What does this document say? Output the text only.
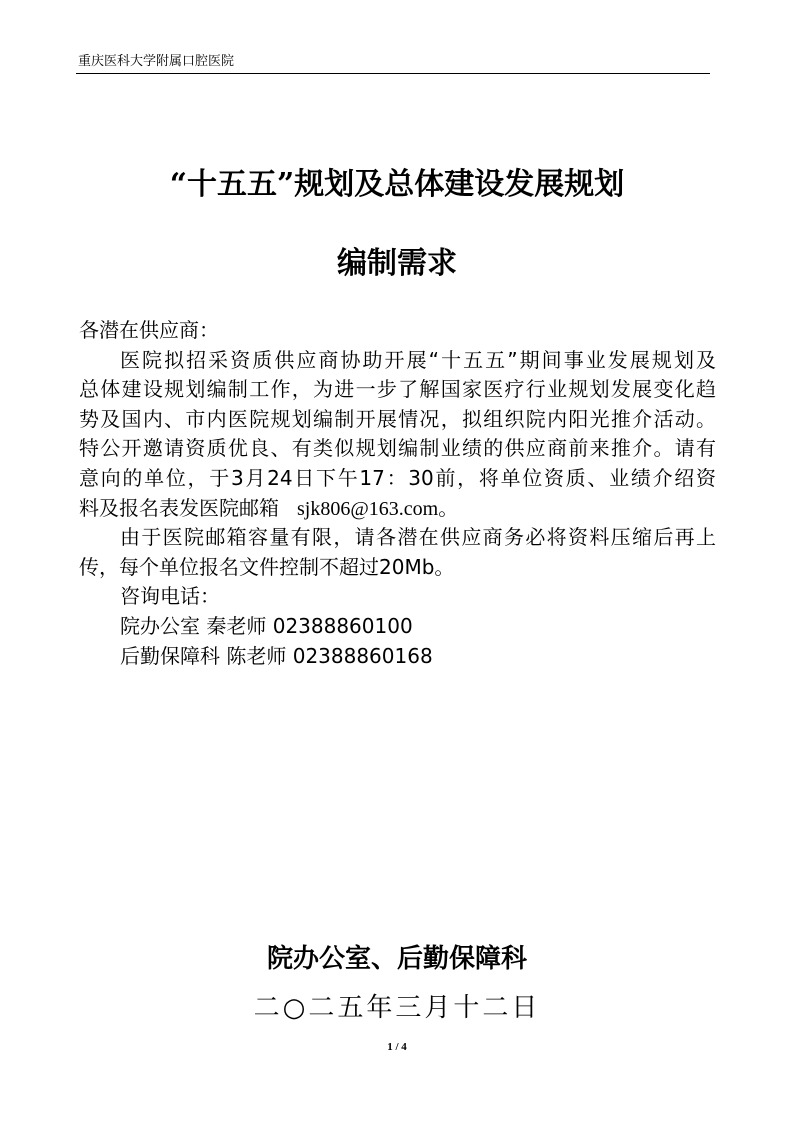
重庆医科大学附属口腔医院
“十五五”规划及总体建设发展规划
编制需求
各潜在供应商：
医院拟招采资质供应商协助开展“十五五”期间事业发展规划及
总体建设规划编制工作，为进一步了解国家医疗行业规划发展变化趋
势及国内、市内医院规划编制开展情况，拟组织院内阳光推介活动。
特公开邀请资质优良、有类似规划编制业绩的供应商前来推介。请有
意向的单位，于3月24日下午17：30前，将单位资质、业绩介绍资
料及报名表发医院邮箱 sjk806@163.com。
由于医院邮箱容量有限，请各潜在供应商务必将资料压缩后再上
传，每个单位报名文件控制不超过20Mb。
咨询电话：
院办公室 秦老师 02388860100
后勤保障科 陈老师 02388860168
院办公室、后勤保障科
二○二五年三月十二日
1 / 4
